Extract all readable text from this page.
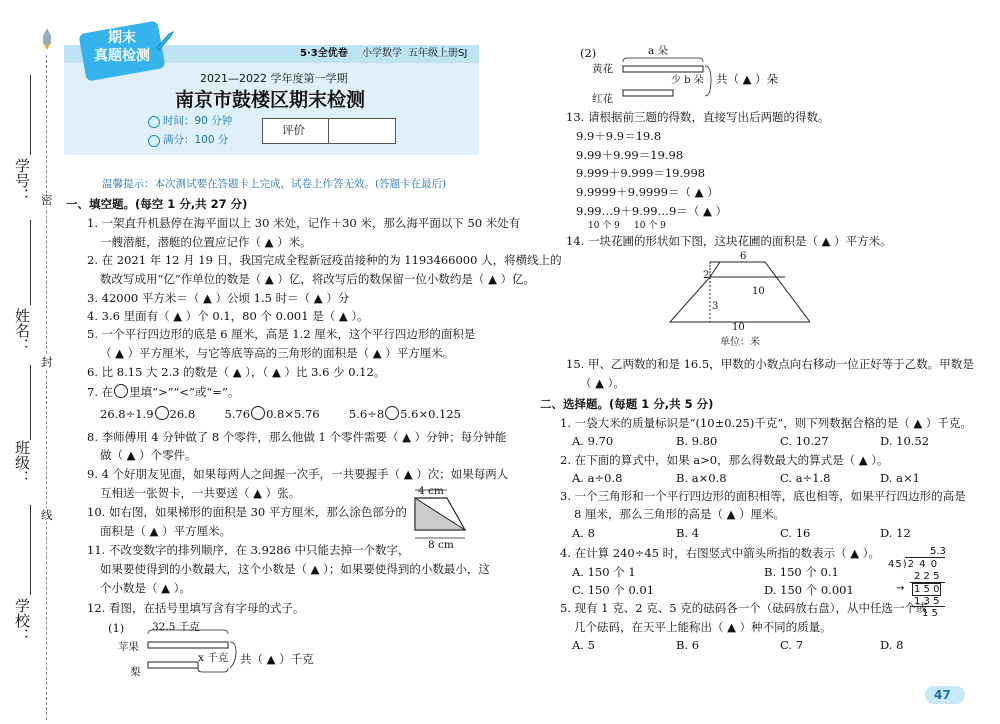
密
封
线
学号：
姓名：
班级：
学校：
期末
真题检测	5·3全优卷 小学数学 五年级上册 SJ
2021—2022 学年度第一学期
南京市鼓楼区期末检测
时间：90 分钟
满分：100 分
评价
温馨提示：本次测试要在答题卡上完成，试卷上作答无效。(答题卡在最后)
一、填空题。(每空 1 分,共 27 分)
1. 一架直升机悬停在海平面以上 30 米处，记作＋30 米，那么海平面以下 50 米处有
一艘潜艇，潜艇的位置应记作（ ▲ ）米。
2. 在 2021 年 12 月 19 日，我国完成全程新冠疫苗接种的为 1193466000 人，将横线上的
数改写成用“亿”作单位的数是（ ▲ ）亿，将改写后的数保留一位小数约是（ ▲ ）亿。
3. 42000 平方米＝（ ▲ ）公顷 1.5 时＝（ ▲ ）分
4. 3.6 里面有（ ▲ ）个 0.1，80 个 0.001 是（ ▲ ）。
5. 一个平行四边形的底是 6 厘米，高是 1.2 厘米，这个平行四边形的面积是
（ ▲ ）平方厘米，与它等底等高的三角形的面积是（ ▲ ）平方厘米。
6. 比 8.15 大 2.3 的数是（ ▲ ），（ ▲ ）比 3.6 少 0.12。
7. 在 里填“>”“<”或“=”。
26.8÷1.9 26.8	5.76 0.8×5.76	5.6÷8 5.6×0.125
8. 李师傅用 4 分钟做了 8 个零件，那么他做 1 个零件需要（ ▲ ）分钟；每分钟能
做（ ▲ ）个零件。
9. 4 个好朋友见面，如果每两人之间握一次手，一共要握手（ ▲ ）次；如果每两人
互相送一张贺卡，一共要送（ ▲ ）张。
10. 如右图，如果梯形的面积是 30 平方厘米，那么涂色部分的
面积是（ ▲ ）平方厘米。
4 cm
8 cm
11. 不改变数字的排列顺序，在 3.9286 中只能去掉一个数字，
如果要使得到的小数最大，这个小数是（ ▲ ）；如果要使得到的小数最小，这
个小数是（ ▲ ）。
12. 看图，在括号里填写含有字母的式子。
(1)	32.5 千克
苹果
梨
x 千克 共（ ▲ ）千克
(2)	a 朵
黄花
红花
少 b 朵 共（ ▲ ）朵
13. 请根据前三题的得数，直接写出后两题的得数。
9.9＋9.9＝19.8
9.99＋9.99＝19.98
9.999＋9.999＝19.998
9.9999＋9.9999＝（ ▲ ）
9.99…9＋9.99…9＝（ ▲ ）
10 个 9 10 个 9
14. 一块花圃的形状如下图，这块花圃的面积是（ ▲ ）平方米。
6
2
10
3
10
单位：米
15. 甲、乙两数的和是 16.5，甲数的小数点向右移动一位正好等于乙数。甲数是
（ ▲ ）。
二、选择题。(每题 1 分,共 5 分)
1. 一袋大米的质量标识是“(10±0.25)千克”，则下列数据合格的是（ ▲ ）千克。
A. 9.70	B. 9.80	C. 10.27	D. 10.52
2. 在下面的算式中，如果 a>0，那么得数最大的算式是（ ▲ ）。
A. a÷0.8	B. a×0.8	C. a÷1.8	D. a×1
3. 一个三角形和一个平行四边形的面积相等，底也相等，如果平行四边形的高是
8 厘米，那么三角形的高是（ ▲ ）厘米。
A. 8	B. 4	C. 16	D. 12
4. 在计算 240÷45 时，右图竖式中箭头所指的数表示（ ▲ ）。
A. 150 个 1	B. 150 个 0.1
C. 150 个 0.01	D. 150 个 0.001
5.3
45)2 4 0
2 2 5
1 5 0
1 3 5
1 5
→
5. 现有 1 克、2 克、5 克的砝码各一个（砝码放右盘），从中任选一个或
几个砝码，在天平上能称出（ ▲ ）种不同的质量。
A. 5	B. 6	C. 7	D. 8
47
